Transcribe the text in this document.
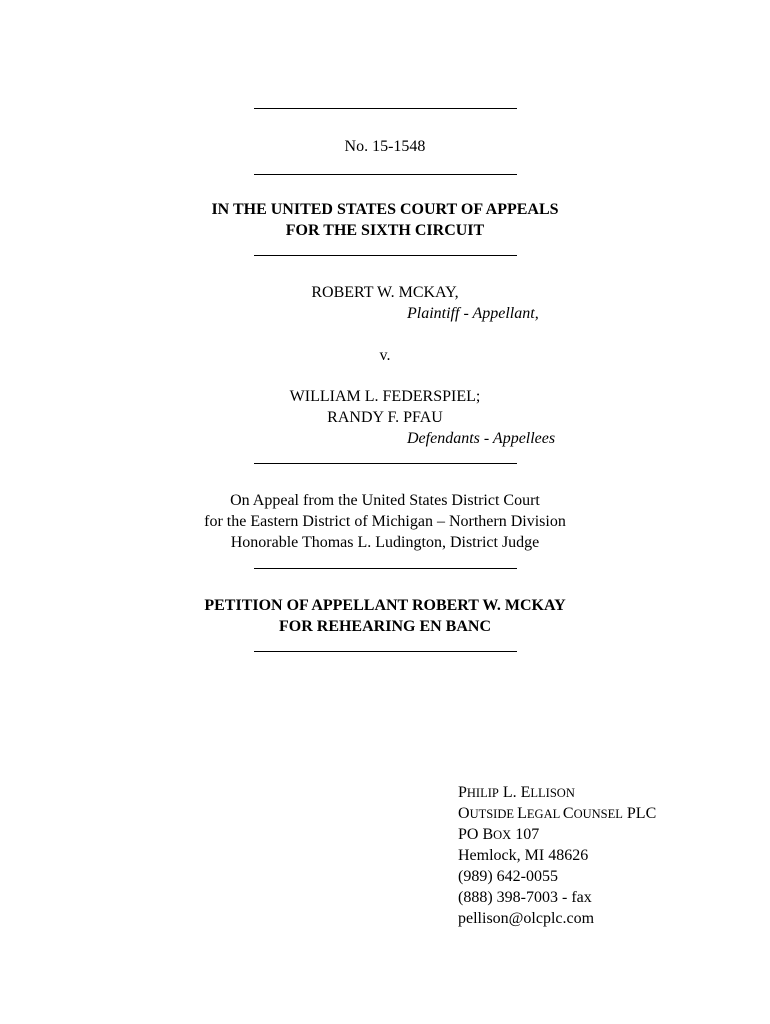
No. 15-1548
IN THE UNITED STATES COURT OF APPEALS
FOR THE SIXTH CIRCUIT
ROBERT W. MCKAY,
Plaintiff - Appellant,
v.
WILLIAM L. FEDERSPIEL;
RANDY F. PFAU
Defendants - Appellees
On Appeal from the United States District Court
for the Eastern District of Michigan – Northern Division
Honorable Thomas L. Ludington, District Judge
PETITION OF APPELLANT ROBERT W. MCKAY
FOR REHEARING EN BANC
PHILIP L. ELLISON
OUTSIDE LEGAL COUNSEL PLC
PO BOX 107
Hemlock, MI 48626
(989) 642-0055
(888) 398-7003 - fax
pellison@olcplc.com
